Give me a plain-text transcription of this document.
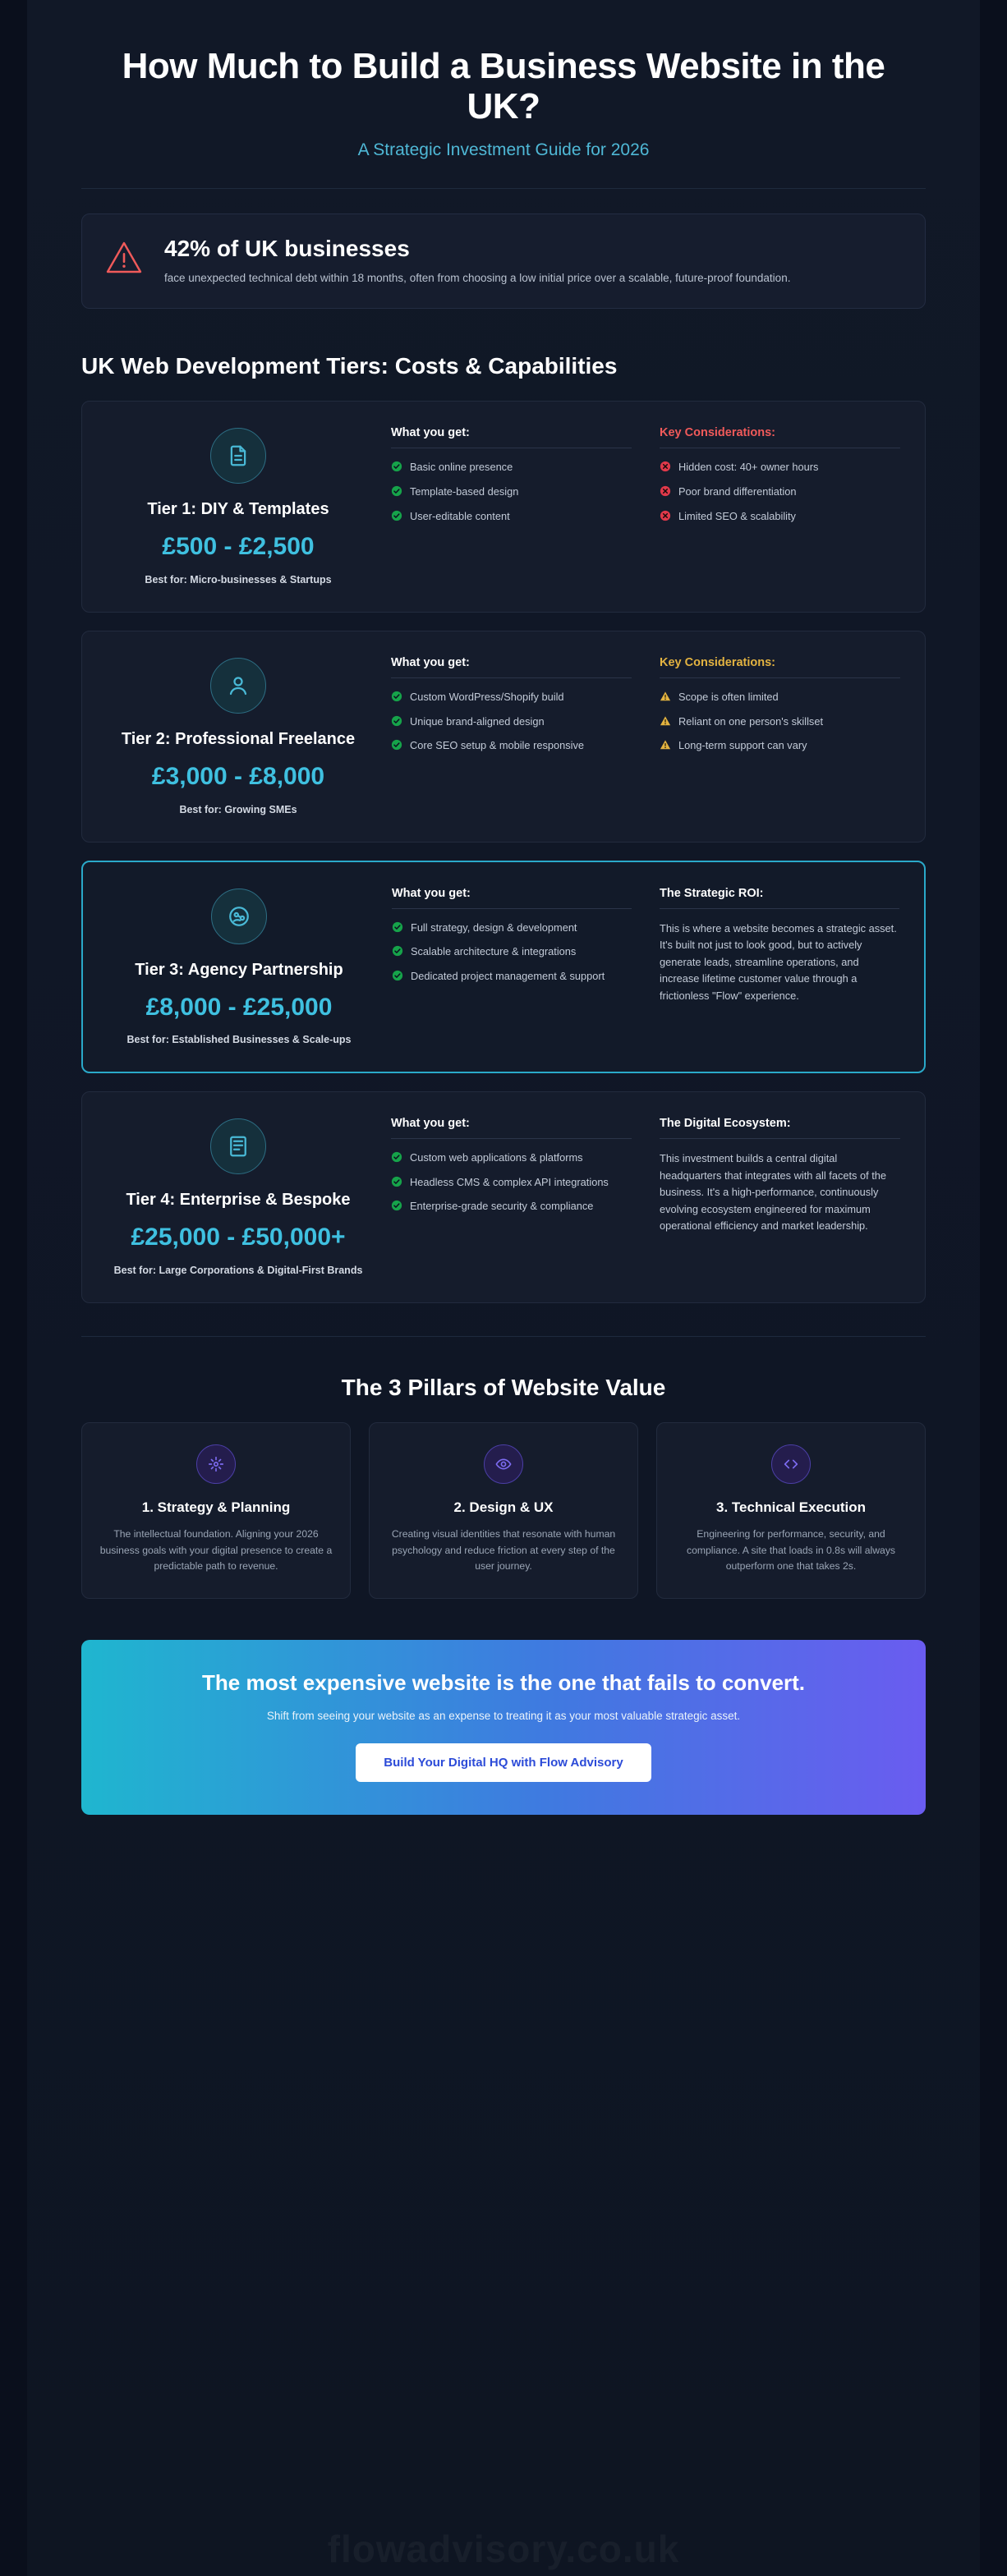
How Much to Build a Business Website in the UK?
A Strategic Investment Guide for 2026
42% of UK businesses
face unexpected technical debt within 18 months, often from choosing a low initial price over a scalable, future-proof foundation.
UK Web Development Tiers: Costs & Capabilities
Tier 1: DIY & Templates
£500 - £2,500
Best for: Micro-businesses & Startups
What you get:
Basic online presence
Template-based design
User-editable content
Key Considerations:
Hidden cost: 40+ owner hours
Poor brand differentiation
Limited SEO & scalability
Tier 2: Professional Freelance
£3,000 - £8,000
Best for: Growing SMEs
What you get:
Custom WordPress/Shopify build
Unique brand-aligned design
Core SEO setup & mobile responsive
Key Considerations:
Scope is often limited
Reliant on one person's skillset
Long-term support can vary
Tier 3: Agency Partnership
£8,000 - £25,000
Best for: Established Businesses & Scale-ups
What you get:
Full strategy, design & development
Scalable architecture & integrations
Dedicated project management & support
The Strategic ROI:
This is where a website becomes a strategic asset. It's built not just to look good, but to actively generate leads, streamline operations, and increase lifetime customer value through a frictionless "Flow" experience.
Tier 4: Enterprise & Bespoke
£25,000 - £50,000+
Best for: Large Corporations & Digital-First Brands
What you get:
Custom web applications & platforms
Headless CMS & complex API integrations
Enterprise-grade security & compliance
The Digital Ecosystem:
This investment builds a central digital headquarters that integrates with all facets of the business. It's a high-performance, continuously evolving ecosystem engineered for maximum operational efficiency and market leadership.
The 3 Pillars of Website Value
1. Strategy & Planning
The intellectual foundation. Aligning your 2026 business goals with your digital presence to create a predictable path to revenue.
2. Design & UX
Creating visual identities that resonate with human psychology and reduce friction at every step of the user journey.
3. Technical Execution
Engineering for performance, security, and compliance. A site that loads in 0.8s will always outperform one that takes 2s.
The most expensive website is the one that fails to convert.
Shift from seeing your website as an expense to treating it as your most valuable strategic asset.
Build Your Digital HQ with Flow Advisory
